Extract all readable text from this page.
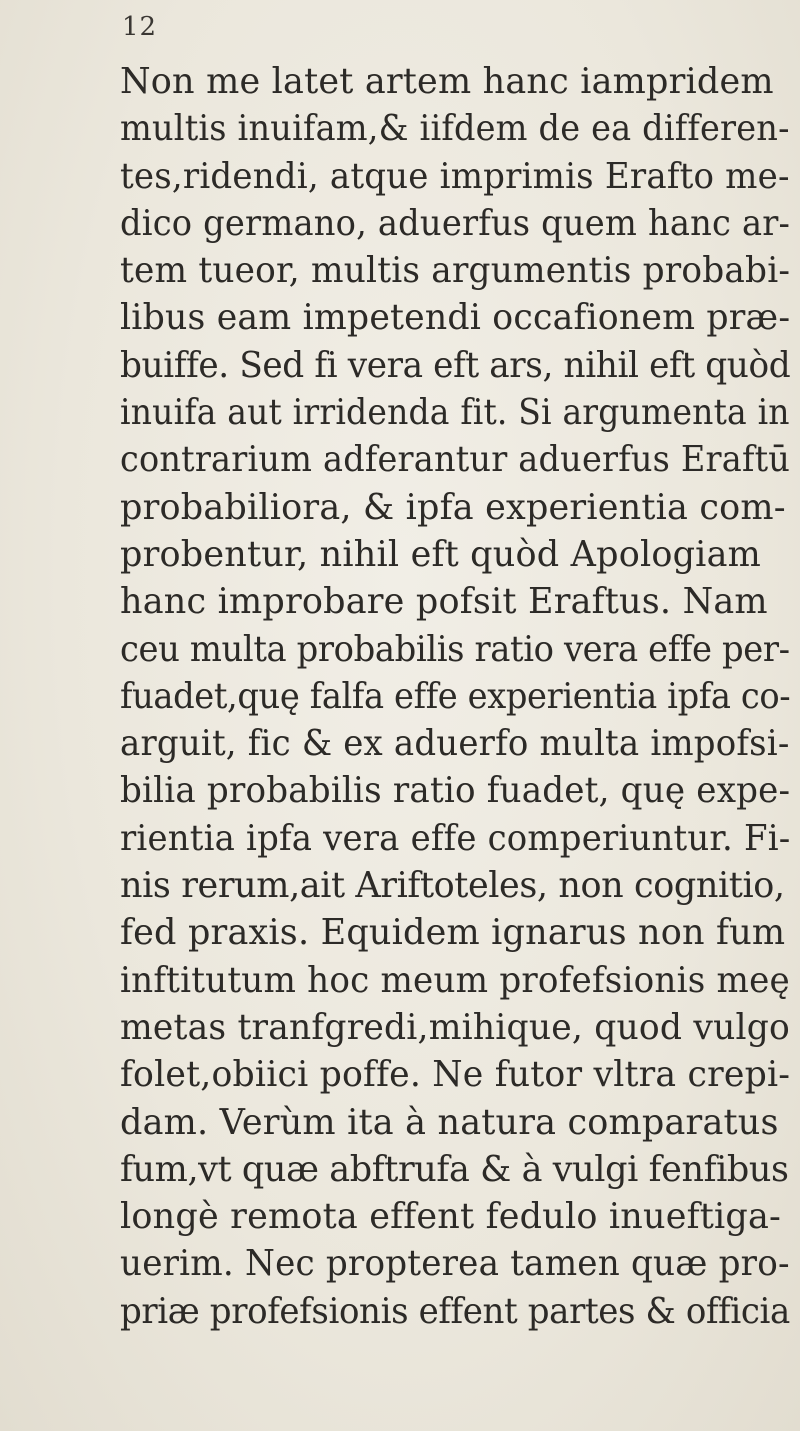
12
Non me latet artem hanc iampridem
multis inuifam,& iifdem de ea differen-
tes,ridendi, atque imprimis Erafto me-
dico germano, aduerfus quem hanc ar-
tem tueor, multis argumentis probabi-
libus eam impetendi occafionem præ-
buiffe. Sed fi vera eft ars, nihil eft quòd
inuifa aut irridenda fit. Si argumenta in
contrarium adferantur aduerfus Eraftū
probabiliora, & ipfa experientia com-
probentur, nihil eft quòd Apologiam
hanc improbare pofsit Eraftus. Nam
ceu multa probabilis ratio vera effe per-
fuadet,quę falfa effe experientia ipfa co-
arguit, fic & ex aduerfo multa impofsi-
bilia probabilis ratio fuadet, quę expe-
rientia ipfa vera effe comperiuntur. Fi-
nis rerum,ait Ariftoteles, non cognitio,
fed praxis. Equidem ignarus non fum
inftitutum hoc meum profefsionis meę
metas tranfgredi,mihique, quod vulgo
folet,obiici poffe. Ne futor vltra crepi-
dam. Verùm ita à natura comparatus
fum,vt quæ abftrufa & à vulgi fenfibus
longè remota effent fedulo inueftiga-
uerim. Nec propterea tamen quæ pro-
priæ profefsionis effent partes & officia
